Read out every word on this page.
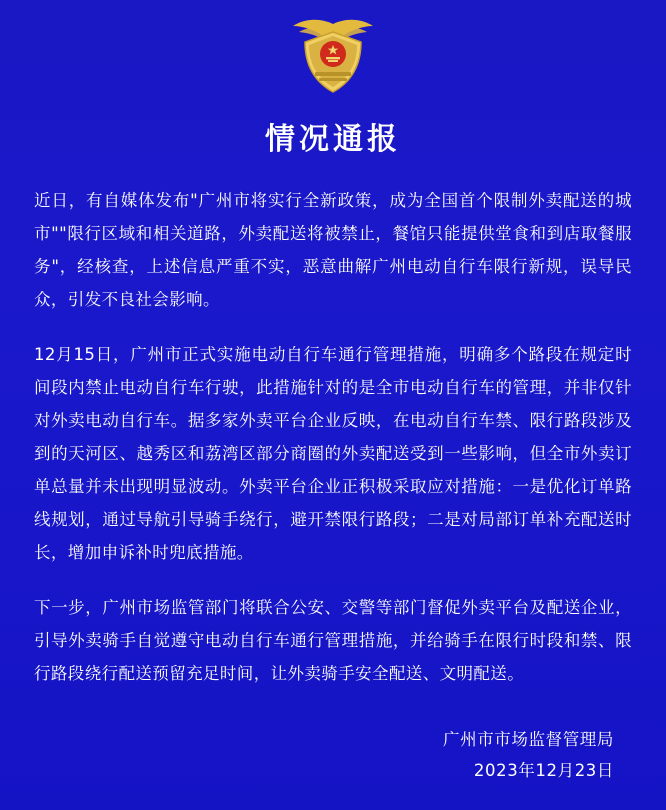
情况通报

近日，有自媒体发布"广州市将实行全新政策，成为全国首个限制外卖配送的城市""限行区域和相关道路，外卖配送将被禁止，餐馆只能提供堂食和到店取餐服务"，经核查，上述信息严重不实，恶意曲解广州电动自行车限行新规，误导民众，引发不良社会影响。

12月15日，广州市正式实施电动自行车通行管理措施，明确多个路段在规定时间段内禁止电动自行车行驶，此措施针对的是全市电动自行车的管理，并非仅针对外卖电动自行车。据多家外卖平台企业反映，在电动自行车禁、限行路段涉及到的天河区、越秀区和荔湾区部分商圈的外卖配送受到一些影响，但全市外卖订单总量并未出现明显波动。外卖平台企业正积极采取应对措施：一是优化订单路线规划，通过导航引导骑手绕行，避开禁限行路段；二是对局部订单补充配送时长，增加申诉补时兜底措施。

下一步，广州市场监管部门将联合公安、交警等部门督促外卖平台及配送企业，引导外卖骑手自觉遵守电动自行车通行管理措施，并给骑手在限行时段和禁、限行路段绕行配送预留充足时间，让外卖骑手安全配送、文明配送。

广州市市场监督管理局
2023年12月23日
